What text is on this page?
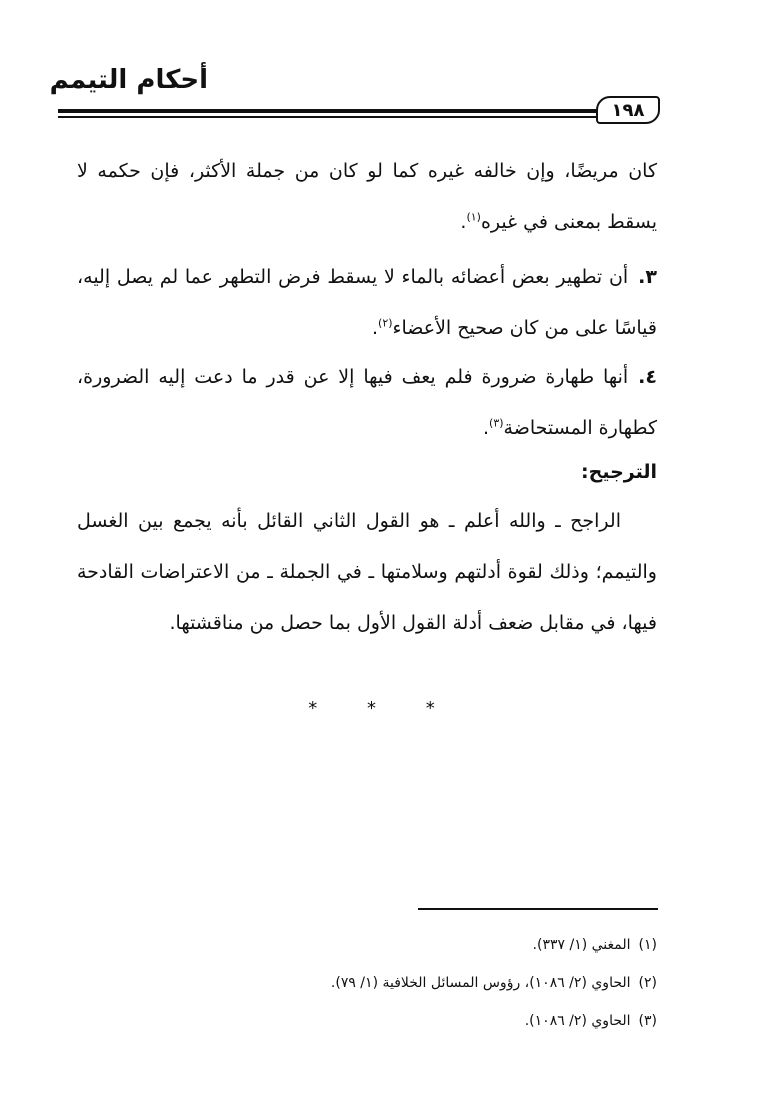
أحكام التيمم
١٩٨

كان مريضًا، وإن خالفه غيره كما لو كان من جملة الأكثر، فإن حكمه لا يسقط بمعنى في غيره$^{(١)}$.

٣.أن تطهير بعض أعضائه بالماء لا يسقط فرض التطهر عما لم يصل إليه، قياسًا على من كان صحيح الأعضاء$^{(٢)}$.

٤.أنها طهارة ضرورة فلم يعف فيها إلا عن قدر ما دعت إليه الضرورة، كطهارة المستحاضة$^{(٣)}$.

الترجيح:

الراجح ـ والله أعلم ـ هو القول الثاني القائل بأنه يجمع بين الغسل والتيمم؛ وذلك لقوة أدلتهم وسلامتها ـ في الجملة ـ من الاعتراضات القادحة فيها، في مقابل ضعف أدلة القول الأول بما حصل من مناقشتها.

* * *
(١)المغني (١/ ٣٣٧).
(٢)الحاوي (٢/ ١٠٨٦)، رؤوس المسائل الخلافية (١/ ٧٩).
(٣)الحاوي (٢/ ١٠٨٦).
